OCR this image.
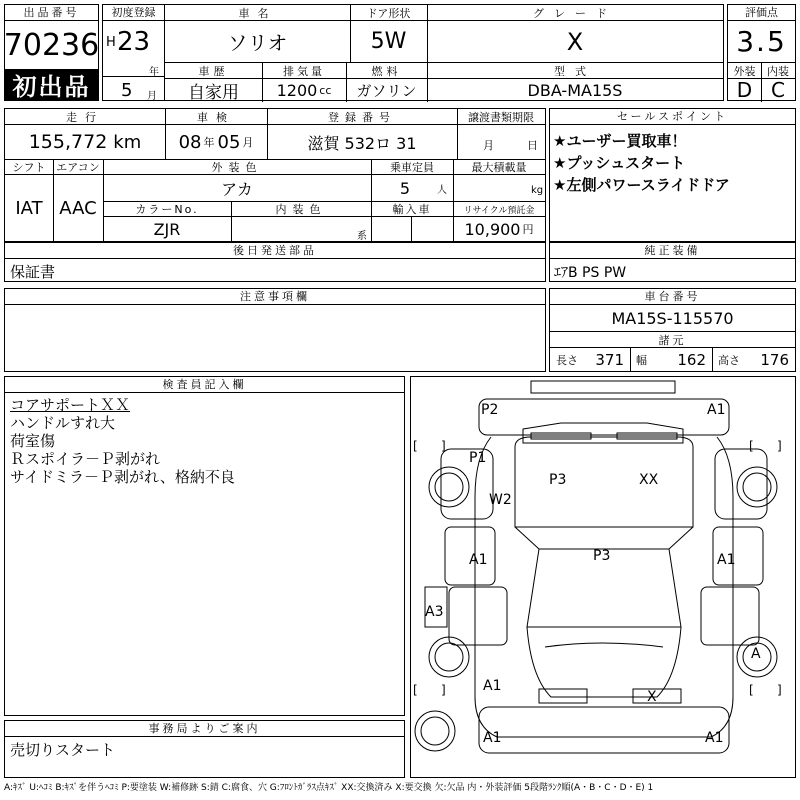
出品番号
70236
初出品
初度登録
H 23
年
5 月
車名
ソリオ
ドア形状
5W
グレード
X
車歴
自家用
排気量
1200 cc
燃料
ガソリン
型式
DBA-MA15S
評価点
3.5
外装	内装
D C
走行
155,772 km
車検
08 年 05 月
登録番号
滋賀 532ロ 31
譲渡書類期限
月	日
シフト
IAT
エアコン
AAC
外装色
アカ
乗車定員
5	人
最大積載量
kg
カラーNo.
ZJR
内装色
系
輸入車	リサイクル預託金
10,900 円
セールスポイント
★ユーザー買取車！
★プッシュスタート
★左側パワースライドドア
後日発送部品
保証書
純正装備
ｴｱB PS PW
注意事項欄	車台番号
MA15S-115570
諸元
長さ 371 幅 162 高さ 176
検査員記入欄
コアサポートＸＸ
ハンドルすれ大
荷室傷
Ｒスポイラ－Ｐ剥がれ
サイドミラ－Ｐ剥がれ、格納不良
事務局よりご案内
売切りスタート
[ ]	[ ]
[ ]	[ ]
P2	A1
P1
P3	XX
W2
P3
A1	A1
A3
A
A1
X
A1	A1
A:ｷｽﾞ U:ﾍｺﾐ B:ｷｽﾞを伴うﾍｺﾐ P:要塗装 W:補修跡 S:錆 C:腐食、穴 G:ﾌﾛﾝﾄｶﾞﾗｽ点ｷｽﾞ XX:交換済み X:要交換 欠:欠品 内・外装評価 5段階ﾗﾝｸ順(A・B・C・D・E) 1
